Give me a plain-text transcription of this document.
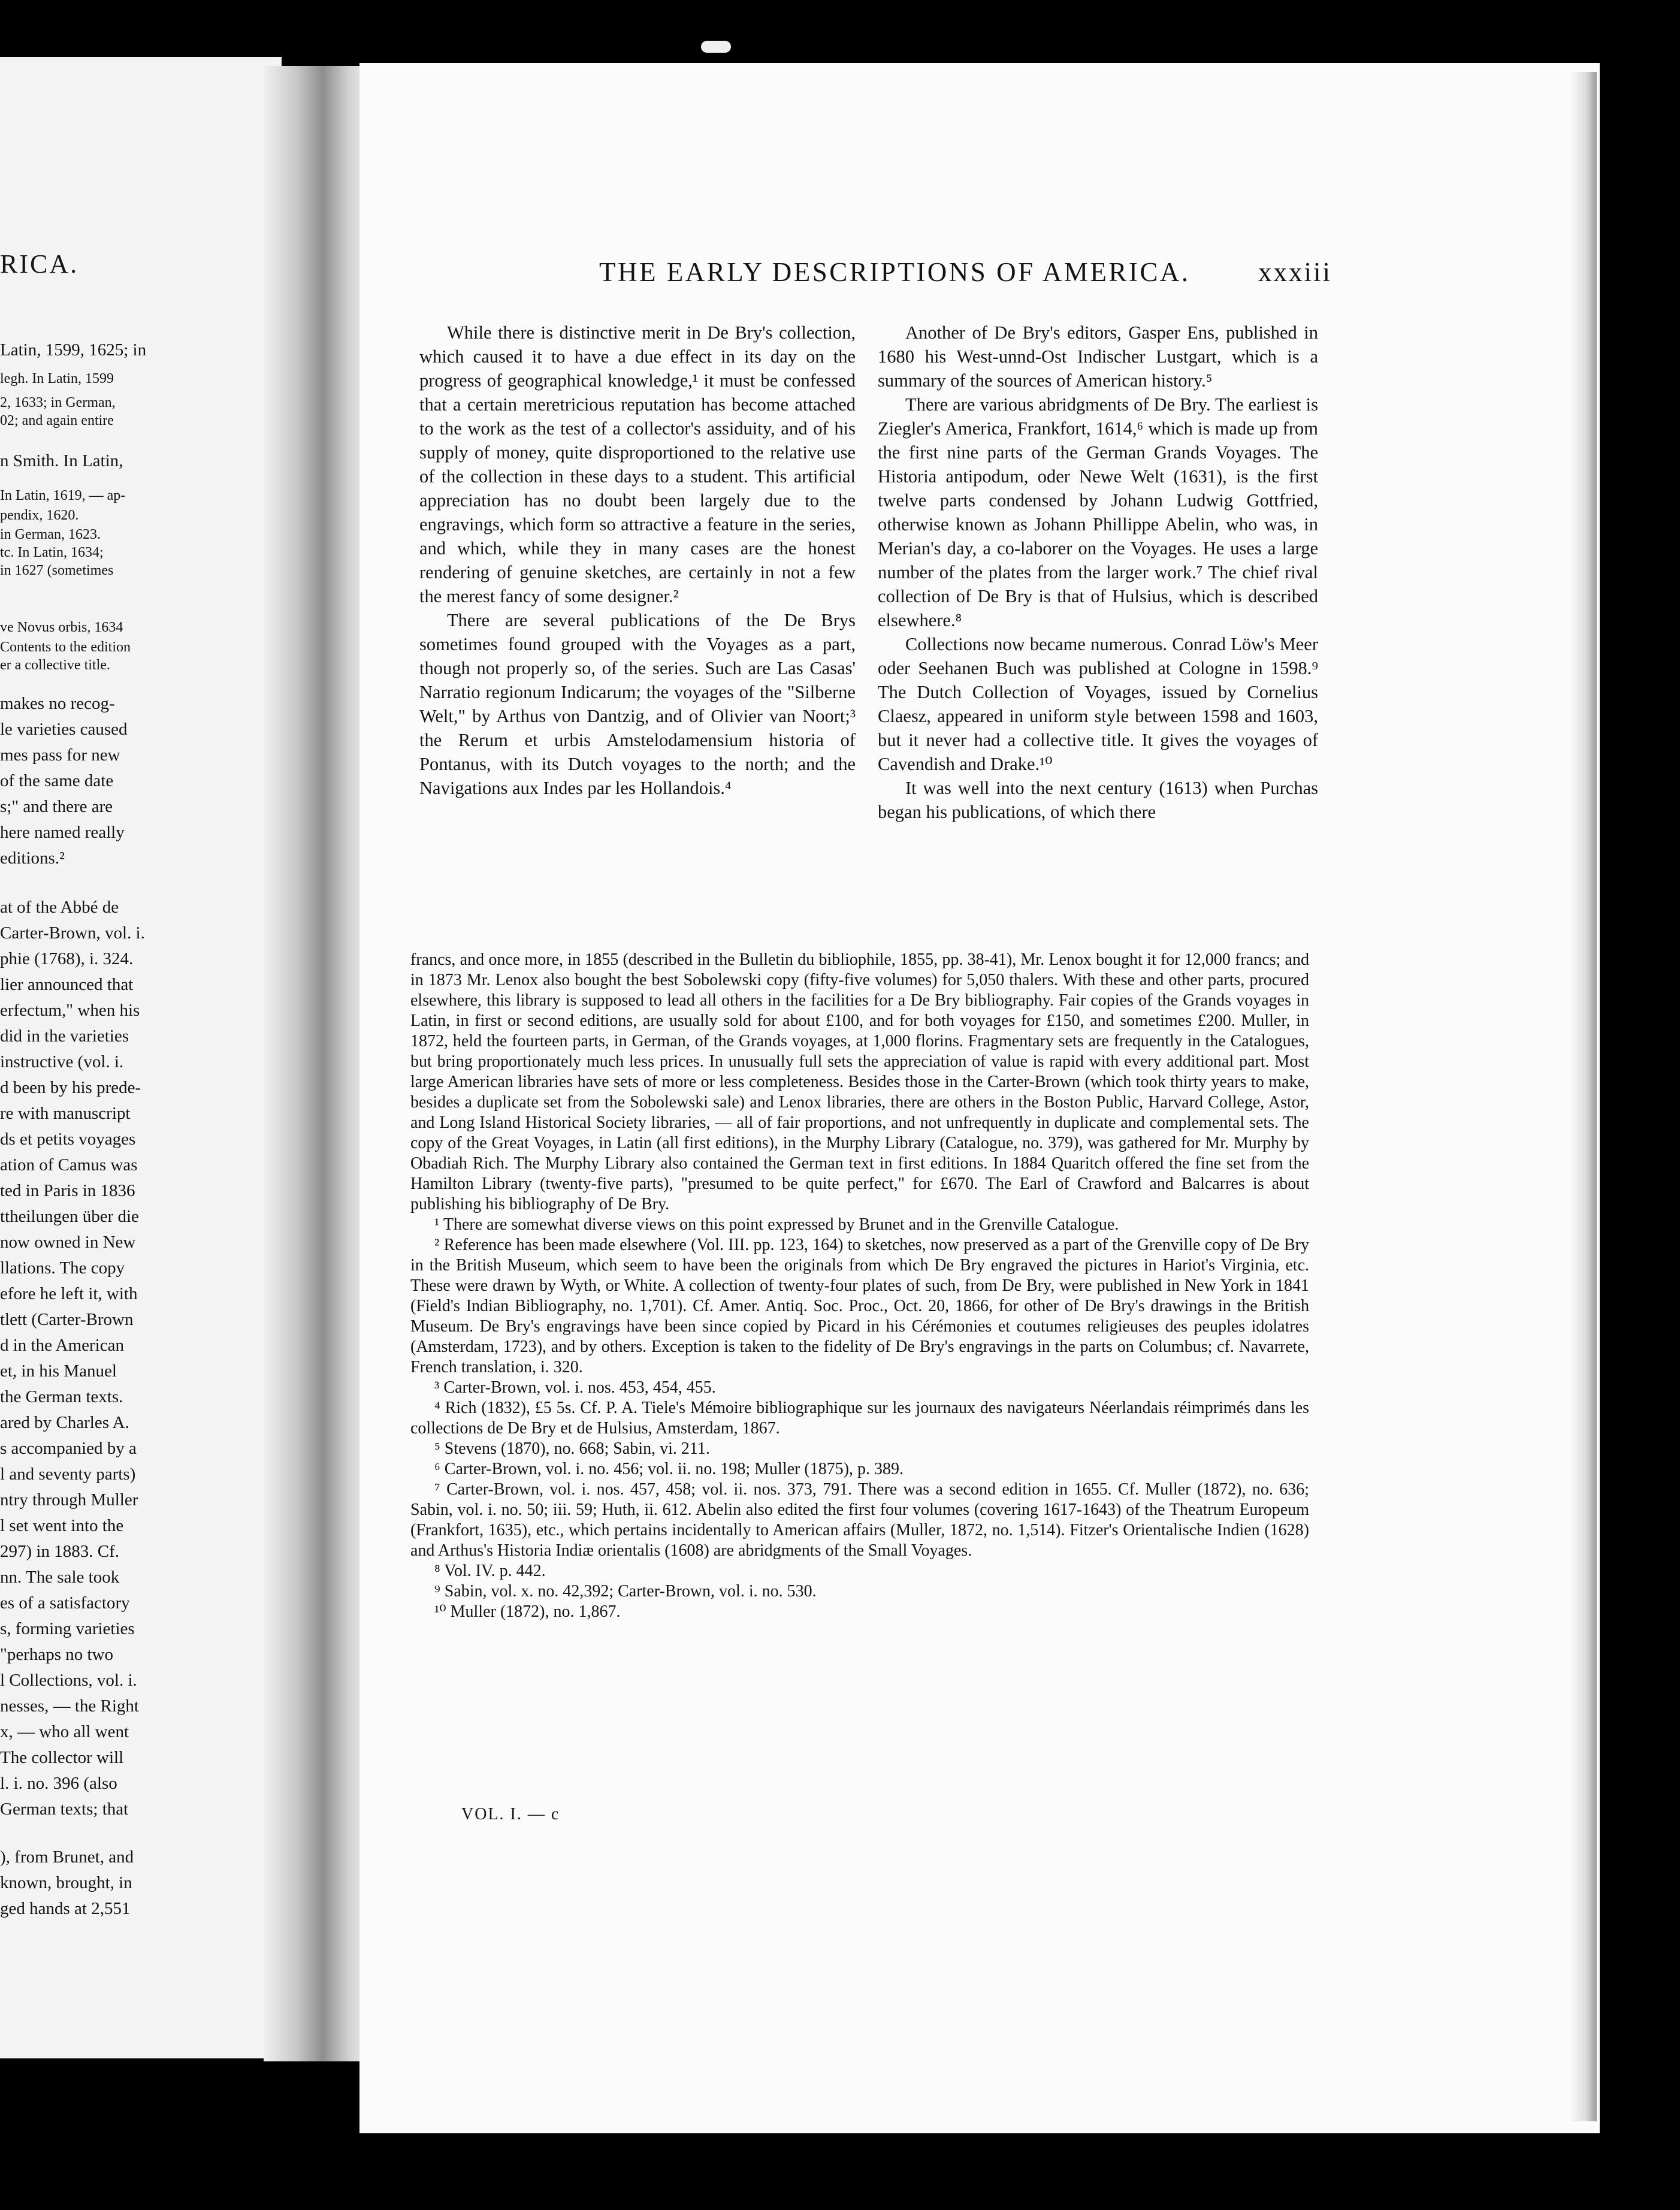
RICA.
Latin, 1599, 1625; in
legh. In Latin, 1599
2, 1633; in German,
02; and again entire
n Smith. In Latin,
In Latin, 1619, — ap-
pendix, 1620.
in German, 1623.
tc. In Latin, 1634;
in 1627 (sometimes
ve Novus orbis, 1634
Contents to the edition
er a collective title.
makes no recog-
le varieties caused
mes pass for new
of the same date
s;" and there are
here named really
editions.²
at of the Abbé de
Carter-Brown, vol. i.
phie (1768), i. 324.
lier announced that
erfectum," when his
did in the varieties
instructive (vol. i.
d been by his prede-
re with manuscript
ds et petits voyages
ation of Camus was
ted in Paris in 1836
ttheilungen über die
now owned in New
llations. The copy
efore he left it, with
tlett (Carter-Brown
d in the American
et, in his Manuel
the German texts.
ared by Charles A.
s accompanied by a
l and seventy parts)
ntry through Muller
l set went into the
297) in 1883. Cf.
nn. The sale took
es of a satisfactory
s, forming varieties
"perhaps no two
l Collections, vol. i.
nesses, — the Right
x, — who all went
The collector will
l. i. no. 396 (also
German texts; that
), from Brunet, and
known, brought, in
ged hands at 2,551
THE EARLY DESCRIPTIONS OF AMERICA.	xxxiii

While there is distinctive merit in De Bry's collection, which caused it to have a due effect in its day on the progress of geographical knowledge,¹ it must be confessed that a certain meretricious reputation has become attached to the work as the test of a collector's assiduity, and of his supply of money, quite disproportioned to the relative use of the collection in these days to a student. This artificial appreciation has no doubt been largely due to the engravings, which form so attractive a feature in the series, and which, while they in many cases are the honest rendering of genuine sketches, are certainly in not a few the merest fancy of some designer.²

There are several publications of the De Brys sometimes found grouped with the Voyages as a part, though not properly so, of the series. Such are Las Casas' Narratio regionum Indicarum; the voyages of the "Silberne Welt," by Arthus von Dantzig, and of Olivier van Noort;³ the Rerum et urbis Amstelodamensium historia of Pontanus, with its Dutch voyages to the north; and the Navigations aux Indes par les Hollandois.⁴

Another of De Bry's editors, Gasper Ens, published in 1680 his West-unnd-Ost Indischer Lustgart, which is a summary of the sources of American history.⁵

There are various abridgments of De Bry. The earliest is Ziegler's America, Frankfort, 1614,⁶ which is made up from the first nine parts of the German Grands Voyages. The Historia antipodum, oder Newe Welt (1631), is the first twelve parts condensed by Johann Ludwig Gottfried, otherwise known as Johann Phillippe Abelin, who was, in Merian's day, a co-laborer on the Voyages. He uses a large number of the plates from the larger work.⁷ The chief rival collection of De Bry is that of Hulsius, which is described elsewhere.⁸

Collections now became numerous. Conrad Löw's Meer oder Seehanen Buch was published at Cologne in 1598.⁹ The Dutch Collection of Voyages, issued by Cornelius Claesz, appeared in uniform style between 1598 and 1603, but it never had a collective title. It gives the voyages of Cavendish and Drake.¹⁰

It was well into the next century (1613) when Purchas began his publications, of which there

francs, and once more, in 1855 (described in the Bulletin du bibliophile, 1855, pp. 38-41), Mr. Lenox bought it for 12,000 francs; and in 1873 Mr. Lenox also bought the best Sobolewski copy (fifty-five volumes) for 5,050 thalers. With these and other parts, procured elsewhere, this library is supposed to lead all others in the facilities for a De Bry bibliography. Fair copies of the Grands voyages in Latin, in first or second editions, are usually sold for about £100, and for both voyages for £150, and sometimes £200. Muller, in 1872, held the fourteen parts, in German, of the Grands voyages, at 1,000 florins. Fragmentary sets are frequently in the Catalogues, but bring proportionately much less prices. In unusually full sets the appreciation of value is rapid with every additional part. Most large American libraries have sets of more or less completeness. Besides those in the Carter-Brown (which took thirty years to make, besides a duplicate set from the Sobolewski sale) and Lenox libraries, there are others in the Boston Public, Harvard College, Astor, and Long Island Historical Society libraries, — all of fair proportions, and not unfrequently in duplicate and complemental sets. The copy of the Great Voyages, in Latin (all first editions), in the Murphy Library (Catalogue, no. 379), was gathered for Mr. Murphy by Obadiah Rich. The Murphy Library also contained the German text in first editions. In 1884 Quaritch offered the fine set from the Hamilton Library (twenty-five parts), "presumed to be quite perfect," for £670. The Earl of Crawford and Balcarres is about publishing his bibliography of De Bry.

¹ There are somewhat diverse views on this point expressed by Brunet and in the Grenville Catalogue.

² Reference has been made elsewhere (Vol. III. pp. 123, 164) to sketches, now preserved as a part of the Grenville copy of De Bry in the British Museum, which seem to have been the originals from which De Bry engraved the pictures in Hariot's Virginia, etc. These were drawn by Wyth, or White. A collection of twenty-four plates of such, from De Bry, were published in New York in 1841 (Field's Indian Bibliography, no. 1,701). Cf. Amer. Antiq. Soc. Proc., Oct. 20, 1866, for other of De Bry's drawings in the British Museum. De Bry's engravings have been since copied by Picard in his Cérémonies et coutumes religieuses des peuples idolatres (Amsterdam, 1723), and by others. Exception is taken to the fidelity of De Bry's engravings in the parts on Columbus; cf. Navarrete, French translation, i. 320.

³ Carter-Brown, vol. i. nos. 453, 454, 455.

⁴ Rich (1832), £5 5s. Cf. P. A. Tiele's Mémoire bibliographique sur les journaux des navigateurs Néerlandais réimprimés dans les collections de De Bry et de Hulsius, Amsterdam, 1867.

⁵ Stevens (1870), no. 668; Sabin, vi. 211.

⁶ Carter-Brown, vol. i. no. 456; vol. ii. no. 198; Muller (1875), p. 389.

⁷ Carter-Brown, vol. i. nos. 457, 458; vol. ii. nos. 373, 791. There was a second edition in 1655. Cf. Muller (1872), no. 636; Sabin, vol. i. no. 50; iii. 59; Huth, ii. 612. Abelin also edited the first four volumes (covering 1617-1643) of the Theatrum Europeum (Frankfort, 1635), etc., which pertains incidentally to American affairs (Muller, 1872, no. 1,514). Fitzer's Orientalische Indien (1628) and Arthus's Historia Indiæ orientalis (1608) are abridgments of the Small Voyages.

⁸ Vol. IV. p. 442.

⁹ Sabin, vol. x. no. 42,392; Carter-Brown, vol. i. no. 530.

¹⁰ Muller (1872), no. 1,867.

VOL. I. — c
